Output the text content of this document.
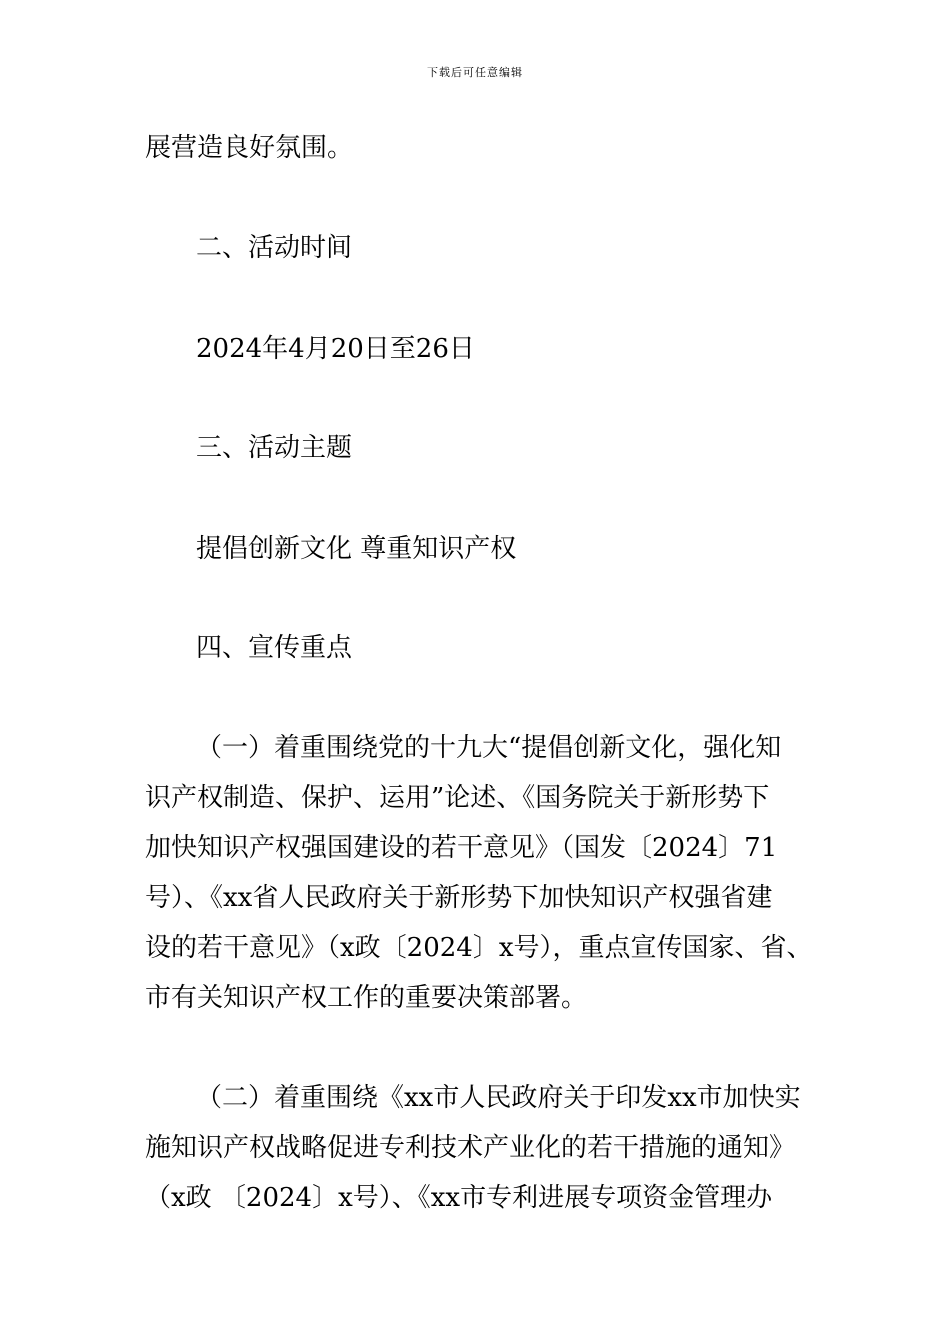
下载后可任意编辑
展营造良好氛围。
二、活动时间
2024年4月20日至26日
三、活动主题
提倡创新文化 尊重知识产权
四、宣传重点
（一）着重围绕党的十九大“提倡创新文化，强化知
识产权制造、保护、运用”论述、《国务院关于新形势下
加快知识产权强国建设的若干意见》（国发〔2024〕71
号）、《xx省人民政府关于新形势下加快知识产权强省建
设的若干意见》（x政〔2024〕x号），重点宣传国家、省、
市有关知识产权工作的重要决策部署。
（二）着重围绕《xx市人民政府关于印发xx市加快实
施知识产权战略促进专利技术产业化的若干措施的通知》
（x政 〔2024〕x号）、《xx市专利进展专项资金管理办
